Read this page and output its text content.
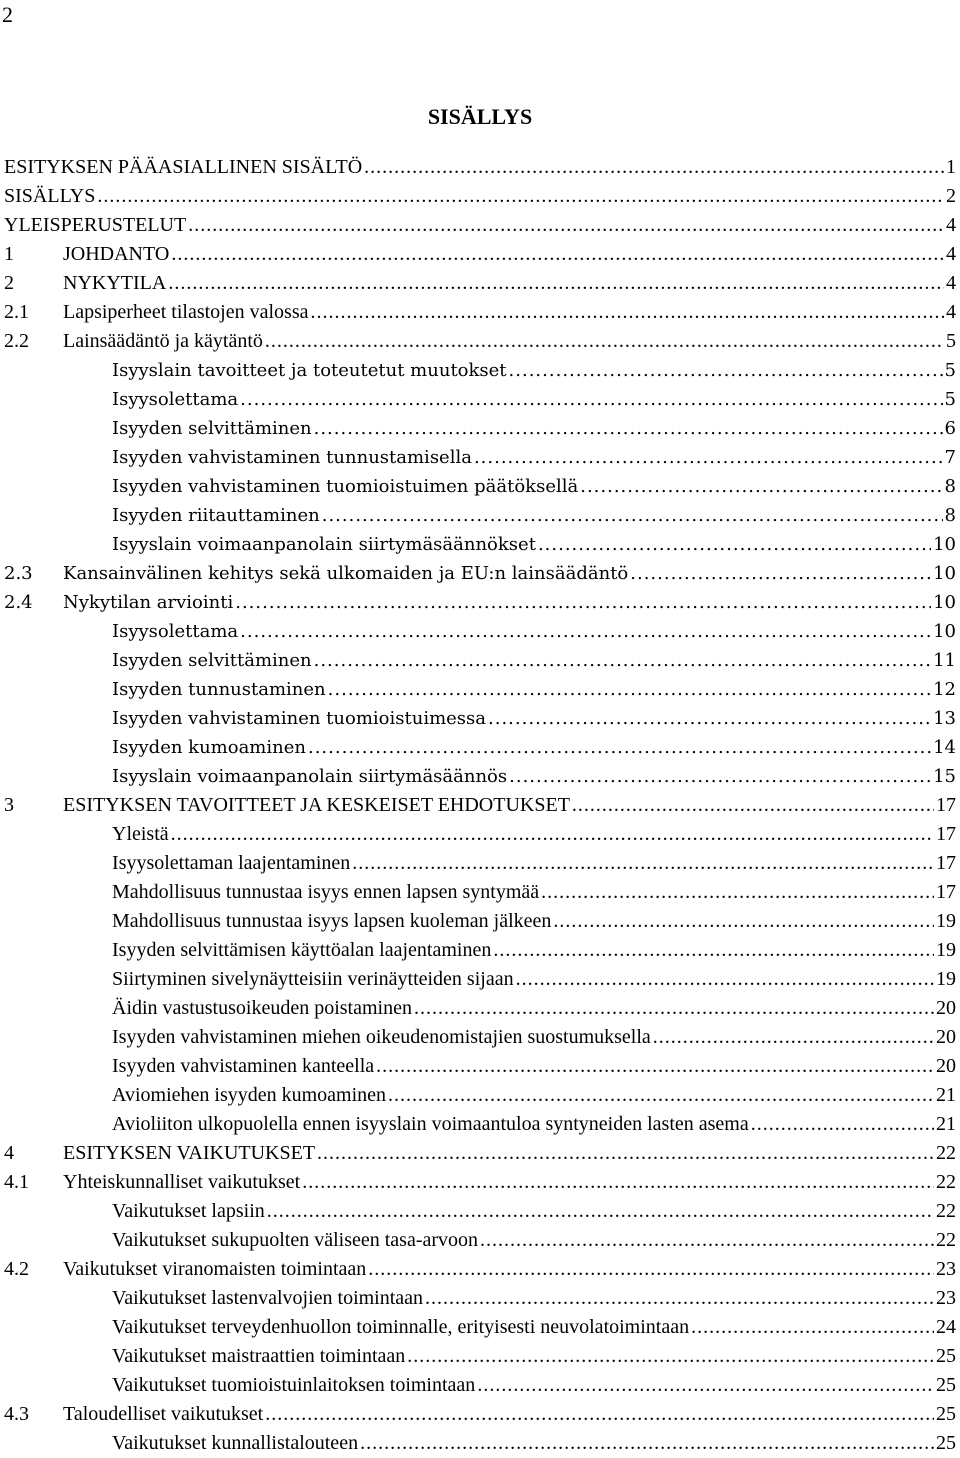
2
SISÄLLYS
ESITYKSEN PÄÄASIALLINEN SISÄLTÖ .....	1
SISÄLLYS .....	2
YLEISPERUSTELUT .....	4
1 JOHDANTO .....	4
2 NYKYTILA .....	4
2.1 Lapsiperheet tilastojen valossa .....	4
2.2 Lainsäädäntö ja käytäntö .....	5
Isyyslain tavoitteet ja toteutetut muutokset .....	5
Isyysolettama .....	5
Isyyden selvittäminen .....	6
Isyyden vahvistaminen tunnustamisella .....	7
Isyyden vahvistaminen tuomioistuimen päätöksellä .....	8
Isyyden riitauttaminen .....	8
Isyyslain voimaanpanolain siirtymäsäännökset .....	10
2.3 Kansainvälinen kehitys sekä ulkomaiden ja EU:n lainsäädäntö .....	10
2.4 Nykytilan arviointi .....	10
Isyysolettama .....	10
Isyyden selvittäminen .....	11
Isyyden tunnustaminen .....	12
Isyyden vahvistaminen tuomioistuimessa .....	13
Isyyden kumoaminen .....	14
Isyyslain voimaanpanolain siirtymäsäännös .....	15
3 ESITYKSEN TAVOITTEET JA KESKEISET EHDOTUKSET .....	17
Yleistä .....	17
Isyysolettaman laajentaminen .....	17
Mahdollisuus tunnustaa isyys ennen lapsen syntymää .....	17
Mahdollisuus tunnustaa isyys lapsen kuoleman jälkeen .....	19
Isyyden selvittämisen käyttöalan laajentaminen .....	19
Siirtyminen sivelynäytteisiin verinäytteiden sijaan .....	19
Äidin vastustusoikeuden poistaminen .....	20
Isyyden vahvistaminen miehen oikeudenomistajien suostumuksella .....	20
Isyyden vahvistaminen kanteella .....	20
Aviomiehen isyyden kumoaminen .....	21
Avioliiton ulkopuolella ennen isyyslain voimaantuloa syntyneiden lasten asema .....	21
4 ESITYKSEN VAIKUTUKSET .....	22
4.1 Yhteiskunnalliset vaikutukset .....	22
Vaikutukset lapsiin .....	22
Vaikutukset sukupuolten väliseen tasa-arvoon .....	22
4.2 Vaikutukset viranomaisten toimintaan .....	23
Vaikutukset lastenvalvojien toimintaan .....	23
Vaikutukset terveydenhuollon toiminnalle, erityisesti neuvolatoimintaan .....	24
Vaikutukset maistraattien toimintaan .....	25
Vaikutukset tuomioistuinlaitoksen toimintaan .....	25
4.3 Taloudelliset vaikutukset .....	25
Vaikutukset kunnallistalouteen .....	25
